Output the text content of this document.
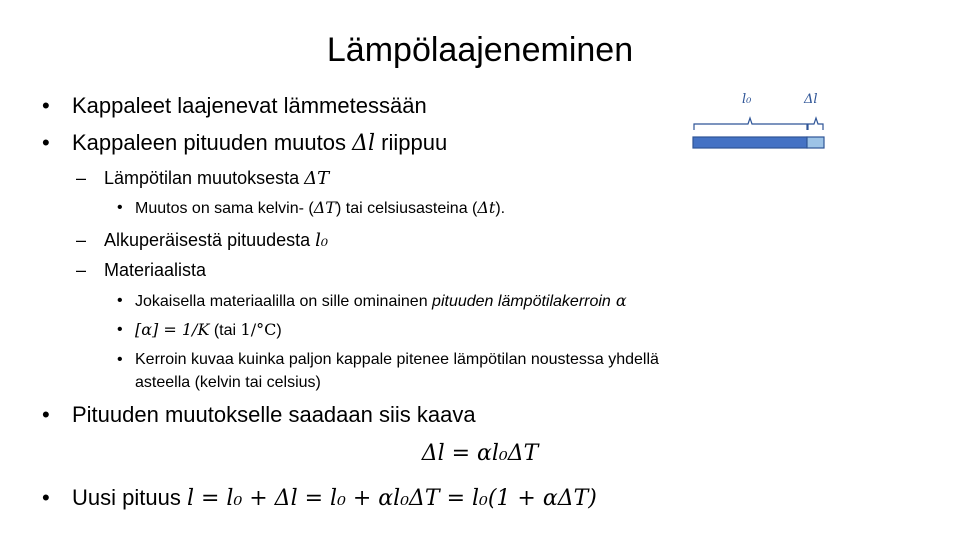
Lämpölaajeneminen
• Kappaleet laajenevat lämmetessään
• Kappaleen pituuden muutos Δl riippuu
– Lämpötilan muutoksesta ΔT
• Muutos on sama kelvin- (ΔT) tai celsiusasteina (Δt).
– Alkuperäisestä pituudesta l₀
– Materiaalista
• Jokaisella materiaalilla on sille ominainen pituuden lämpötilakerroin α
• [α] = 1/K (tai 1/°C)
• Kerroin kuvaa kuinka paljon kappale pitenee lämpötilan noustessa yhdellä
asteella (kelvin tai celsius)
• Pituuden muutokselle saadaan siis kaava
Δl = αl₀ΔT
• Uusi pituus l = l₀ + Δl = l₀ + αl₀ΔT = l₀(1 + αΔT)
l₀	Δl
